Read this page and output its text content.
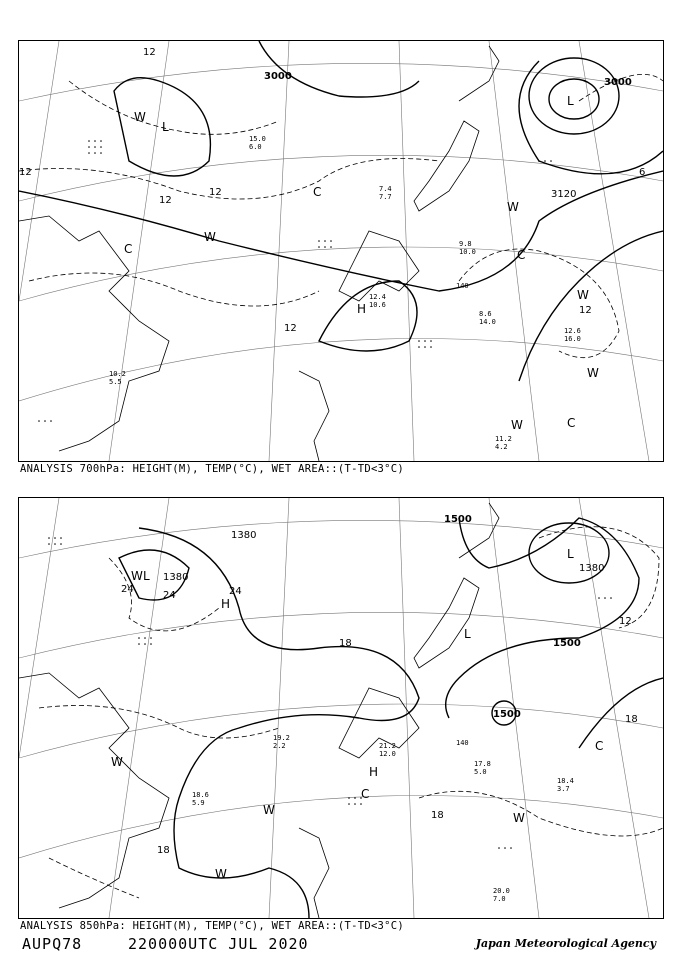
3000
3000
3120
12
12
12
12
12
12
6
L
L
H
W
W
W
W
W
W
C
C
C
C
140
9.8 10.0
7.4 7.7
8.6 14.0
12.6 16.0
11.2 4.2
12.4 10.6
15.0 6.0
10.2 5.5
ANALYSIS 700hPa: HEIGHT(M), TEMP(°C), WET AREA::(T-TD<3°C)
1500
1500
1500
1380
1380
1380
24
24	24
18
18
18
18
12
L
L
L
H
H
W
W
W
W
W
C
C
140
17.8 5.0
18.4 3.7
20.0 7.0
21.2 12.0
19.2 2.2
18.6 5.9
ANALYSIS 850hPa: HEIGHT(M), TEMP(°C), WET AREA::(T-TD<3°C)
AUPQ78	220000UTC JUL 2020	Japan Meteorological Agency
